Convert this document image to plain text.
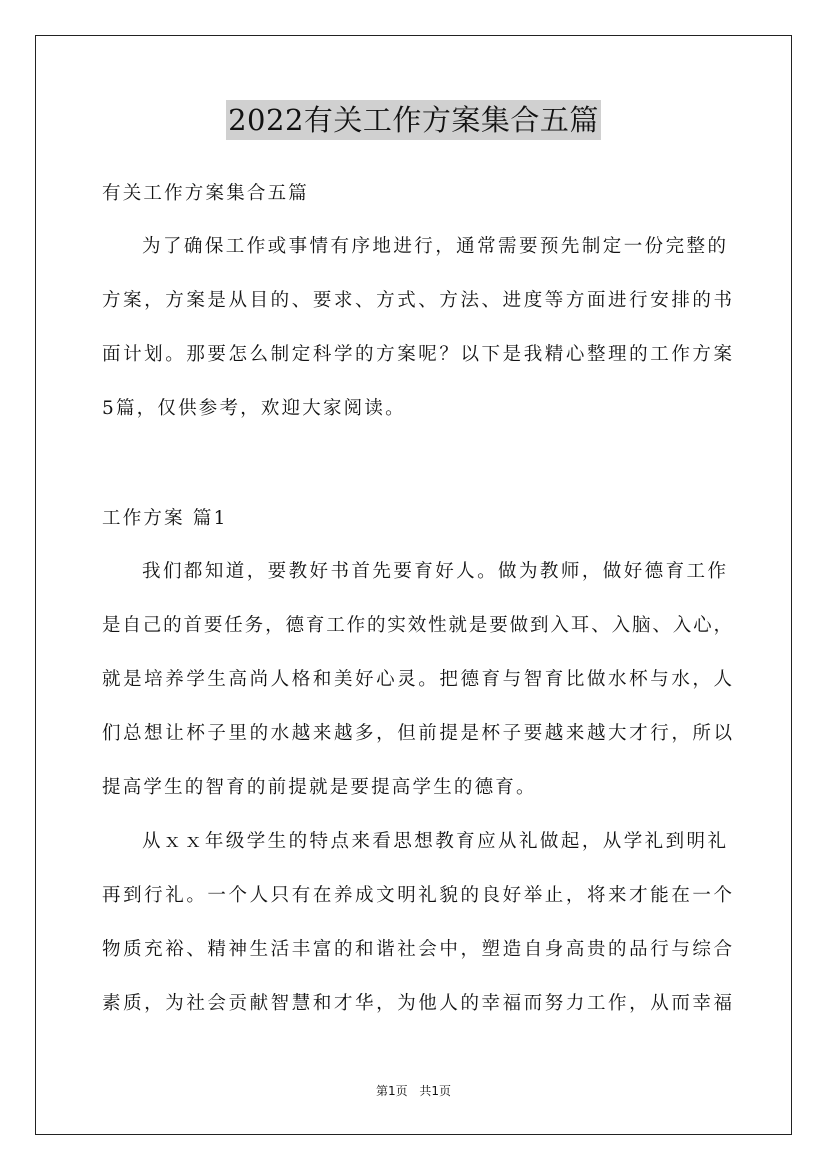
2022有关工作方案集合五篇
有关工作方案集合五篇
为了确保工作或事情有序地进行，通常需要预先制定一份完整的
方案，方案是从目的、要求、方式、方法、进度等方面进行安排的书
面计划。那要怎么制定科学的方案呢？以下是我精心整理的工作方案
5篇，仅供参考，欢迎大家阅读。
工作方案 篇1
我们都知道，要教好书首先要育好人。做为教师，做好德育工作
是自己的首要任务，德育工作的实效性就是要做到入耳、入脑、入心，
就是培养学生高尚人格和美好心灵。把德育与智育比做水杯与水，人
们总想让杯子里的水越来越多，但前提是杯子要越来越大才行，所以
提高学生的智育的前提就是要提高学生的德育。
从ｘｘ年级学生的特点来看思想教育应从礼做起，从学礼到明礼
再到行礼。一个人只有在养成文明礼貌的良好举止，将来才能在一个
物质充裕、精神生活丰富的和谐社会中，塑造自身高贵的品行与综合
素质，为社会贡献智慧和才华，为他人的幸福而努力工作，从而幸福
第1页 共1页
